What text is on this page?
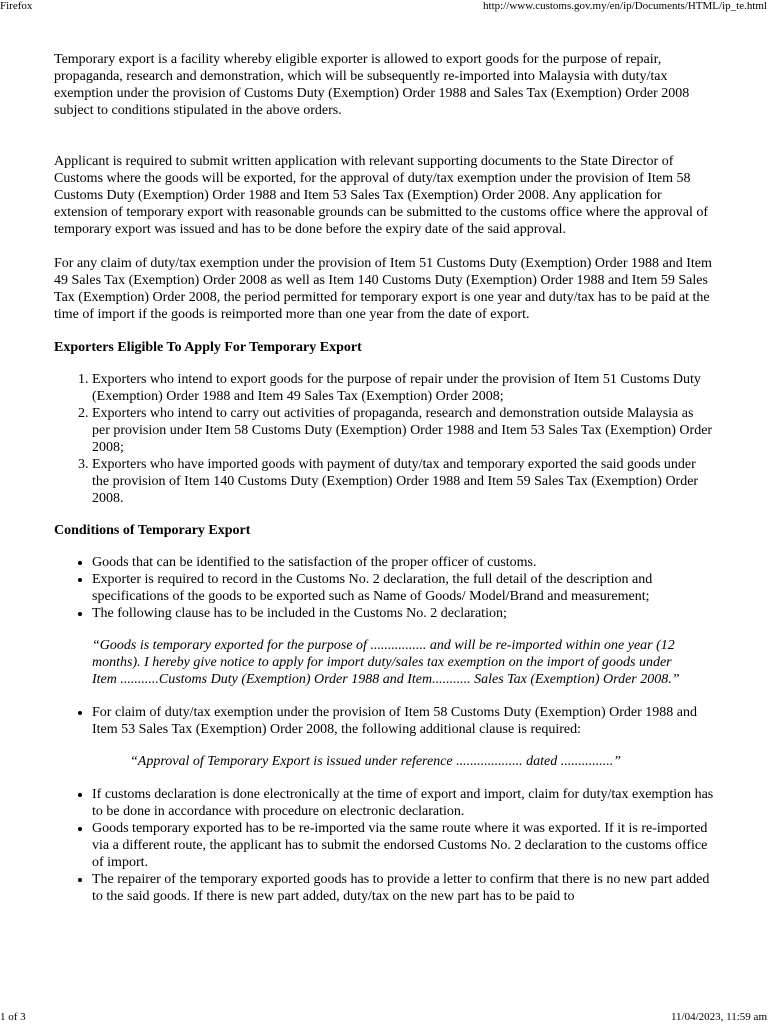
Firefox	http://www.customs.gov.my/en/ip/Documents/HTML/ip_te.html

Temporary export is a facility whereby eligible exporter is allowed to export goods for the purpose of repair, propaganda, research and demonstration, which will be subsequently re-imported into Malaysia with duty/tax exemption under the provision of Customs Duty (Exemption) Order 1988 and Sales Tax (Exemption) Order 2008 subject to conditions stipulated in the above orders.

Applicant is required to submit written application with relevant supporting documents to the State Director of Customs where the goods will be exported, for the approval of duty/tax exemption under the provision of Item 58 Customs Duty (Exemption) Order 1988 and Item 53 Sales Tax (Exemption) Order 2008. Any application for extension of temporary export with reasonable grounds can be submitted to the customs office where the approval of temporary export was issued and has to be done before the expiry date of the said approval.

For any claim of duty/tax exemption under the provision of Item 51 Customs Duty (Exemption) Order 1988 and Item 49 Sales Tax (Exemption) Order 2008 as well as Item 140 Customs Duty (Exemption) Order 1988 and Item 59 Sales Tax (Exemption) Order 2008, the period permitted for temporary export is one year and duty/tax has to be paid at the time of import if the goods is reimported more than one year from the date of export.

Exporters Eligible To Apply For Temporary Export
1. Exporters who intend to export goods for the purpose of repair under the provision of Item 51 Customs Duty (Exemption) Order 1988 and Item 49 Sales Tax (Exemption) Order 2008;
2. Exporters who intend to carry out activities of propaganda, research and demonstration outside Malaysia as per provision under Item 58 Customs Duty (Exemption) Order 1988 and Item 53 Sales Tax (Exemption) Order 2008;
3. Exporters who have imported goods with payment of duty/tax and temporary exported the said goods under the provision of Item 140 Customs Duty (Exemption) Order 1988 and Item 59 Sales Tax (Exemption) Order 2008.
Conditions of Temporary Export
• Goods that can be identified to the satisfaction of the proper officer of customs.
• Exporter is required to record in the Customs No. 2 declaration, the full detail of the description and specifications of the goods to be exported such as Name of Goods/ Model/Brand and measurement;
• The following clause has to be included in the Customs No. 2 declaration;

“Goods is temporary exported for the purpose of ................ and will be re-imported within one year (12 months). I hereby give notice to apply for import duty/sales tax exemption on the import of goods under Item ...........Customs Duty (Exemption) Order 1988 and Item........... Sales Tax (Exemption) Order 2008.”

• For claim of duty/tax exemption under the provision of Item 58 Customs Duty (Exemption) Order 1988 and Item 53 Sales Tax (Exemption) Order 2008, the following additional clause is required:

“Approval of Temporary Export is issued under reference ................... dated ...............”

• If customs declaration is done electronically at the time of export and import, claim for duty/tax exemption has to be done in accordance with procedure on electronic declaration.
• Goods temporary exported has to be re-imported via the same route where it was exported. If it is re-imported via a different route, the applicant has to submit the endorsed Customs No. 2 declaration to the customs office of import.
• The repairer of the temporary exported goods has to provide a letter to confirm that there is no new part added to the said goods. If there is new part added, duty/tax on the new part has to be paid to
1 of 3	11/04/2023, 11:59 am
